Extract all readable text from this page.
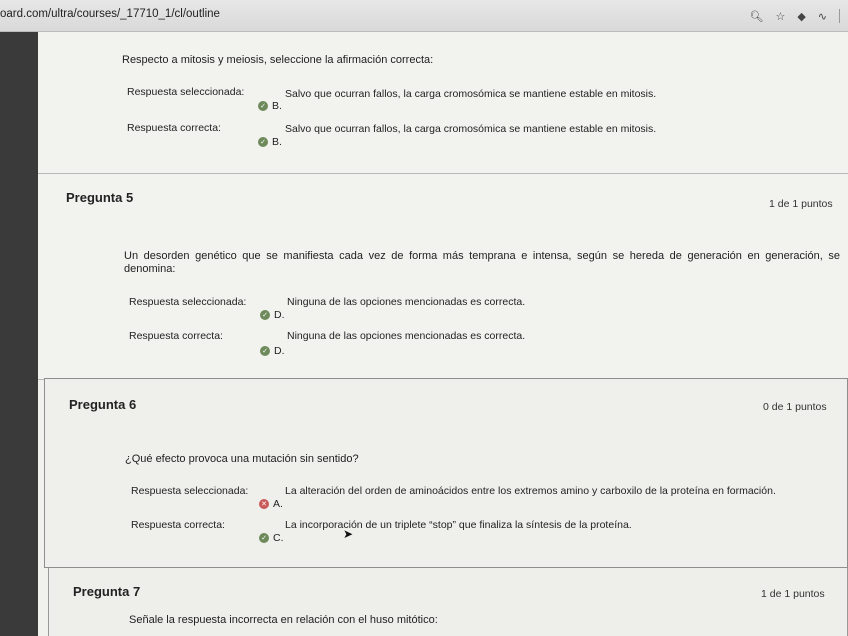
oard.com/ultra/courses/_17710_1/cl/outline	🔍︎ ☆ ◆ ∿
Respecto a mitosis y meiosis, seleccione la afirmación correcta:
Respuesta seleccionada:	Salvo que ocurran fallos, la carga cromosómica se mantiene estable en mitosis.
✓ B.
Respuesta correcta:	Salvo que ocurran fallos, la carga cromosómica se mantiene estable en mitosis.
✓ B.
Pregunta 5	1 de 1 puntos
Un desorden genético que se manifiesta cada vez de forma más temprana e intensa, según se hereda de generación en generación, se denomina:
Respuesta seleccionada:	Ninguna de las opciones mencionadas es correcta.
✓ D.
Respuesta correcta:	Ninguna de las opciones mencionadas es correcta.
✓ D.
Pregunta 6	0 de 1 puntos
¿Qué efecto provoca una mutación sin sentido?
Respuesta seleccionada:	La alteración del orden de aminoácidos entre los extremos amino y carboxilo de la proteína en formación.
✕ A.
Respuesta correcta:	La incorporación de un triplete “stop” que finaliza la síntesis de la proteína.
✓ C.	➤
Pregunta 7	1 de 1 puntos
Señale la respuesta incorrecta en relación con el huso mitótico:
